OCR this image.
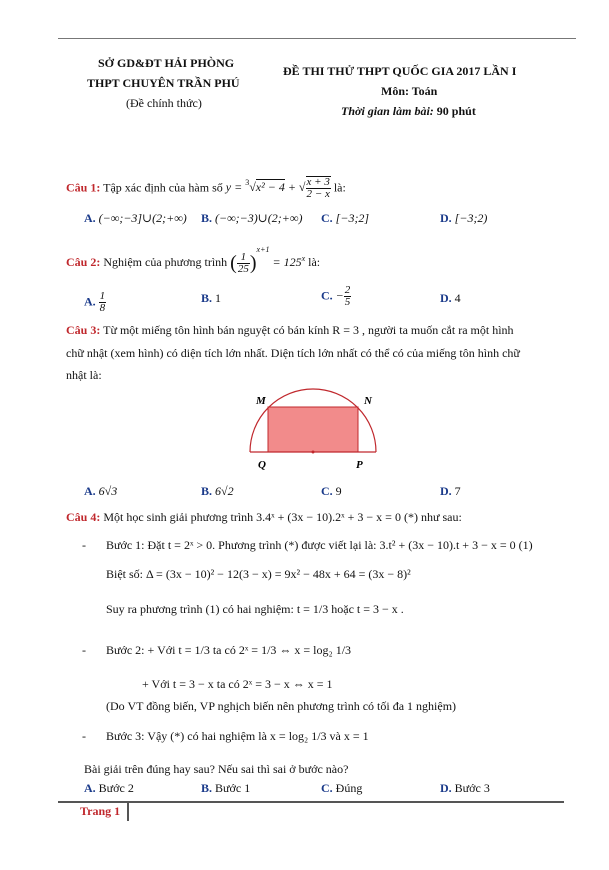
SỞ GD&ĐT HẢI PHÒNG
THPT CHUYÊN TRẦN PHÚ
(Đề chính thức)
ĐỀ THI THỬ THPT QUỐC GIA 2017 LẦN I
Môn: Toán
Thời gian làm bài: 90 phút
Câu 1: Tập xác định của hàm số y = $^3$√x² − 4 + √ $\frac{x + 3}{2 - x}$ là:
A. (−∞;−3]∪(2;+∞) B. (−∞;−3)∪(2;+∞) C. [−3;2]	D. [−3;2)
Câu 2: Nghiệm của phương trình ( $\frac{1}{25} )^{x+1} = 125^x$ là:
A. $\frac{1}{8}$	B. 1	C. − $\frac{2}{5}$	D. 4
Câu 3: Từ một miếng tôn hình bán nguyệt có bán kính R = 3 , người ta muốn cắt ra một hình
chữ nhật (xem hình) có diện tích lớn nhất. Diện tích lớn nhất có thể có của miếng tôn hình chữ
nhật là:
M	N
Q	P
A. 6√3	B. 6√2	C. 9	D. 7
Câu 4: Một học sinh giải phương trình 3.4ˣ + (3x − 10).2ˣ + 3 − x = 0 (*) như sau:
- Bước 1: Đặt t = 2ˣ > 0. Phương trình (*) được viết lại là: 3.t² + (3x − 10).t + 3 − x = 0 (1)
Biệt số: Δ = (3x − 10)² − 12(3 − x) = 9x² − 48x + 64 = (3x − 8)²
Suy ra phương trình (1) có hai nghiệm: t = 1/3 hoặc t = 3 − x .
- Bước 2: + Với t = 1/3 ta có 2ˣ = 1/3 ⇔ x = log₂ 1/3
+ Với t = 3 − x ta có 2ˣ = 3 − x ⇔ x = 1
(Do VT đồng biến, VP nghịch biến nên phương trình có tối đa 1 nghiệm)
- Bước 3: Vậy (*) có hai nghiệm là x = log₂ 1/3 và x = 1
Bài giải trên đúng hay sau? Nếu sai thì sai ở bước nào?
A. Bước 2	B. Bước 1	C. Đúng	D. Bước 3
Trang 1
